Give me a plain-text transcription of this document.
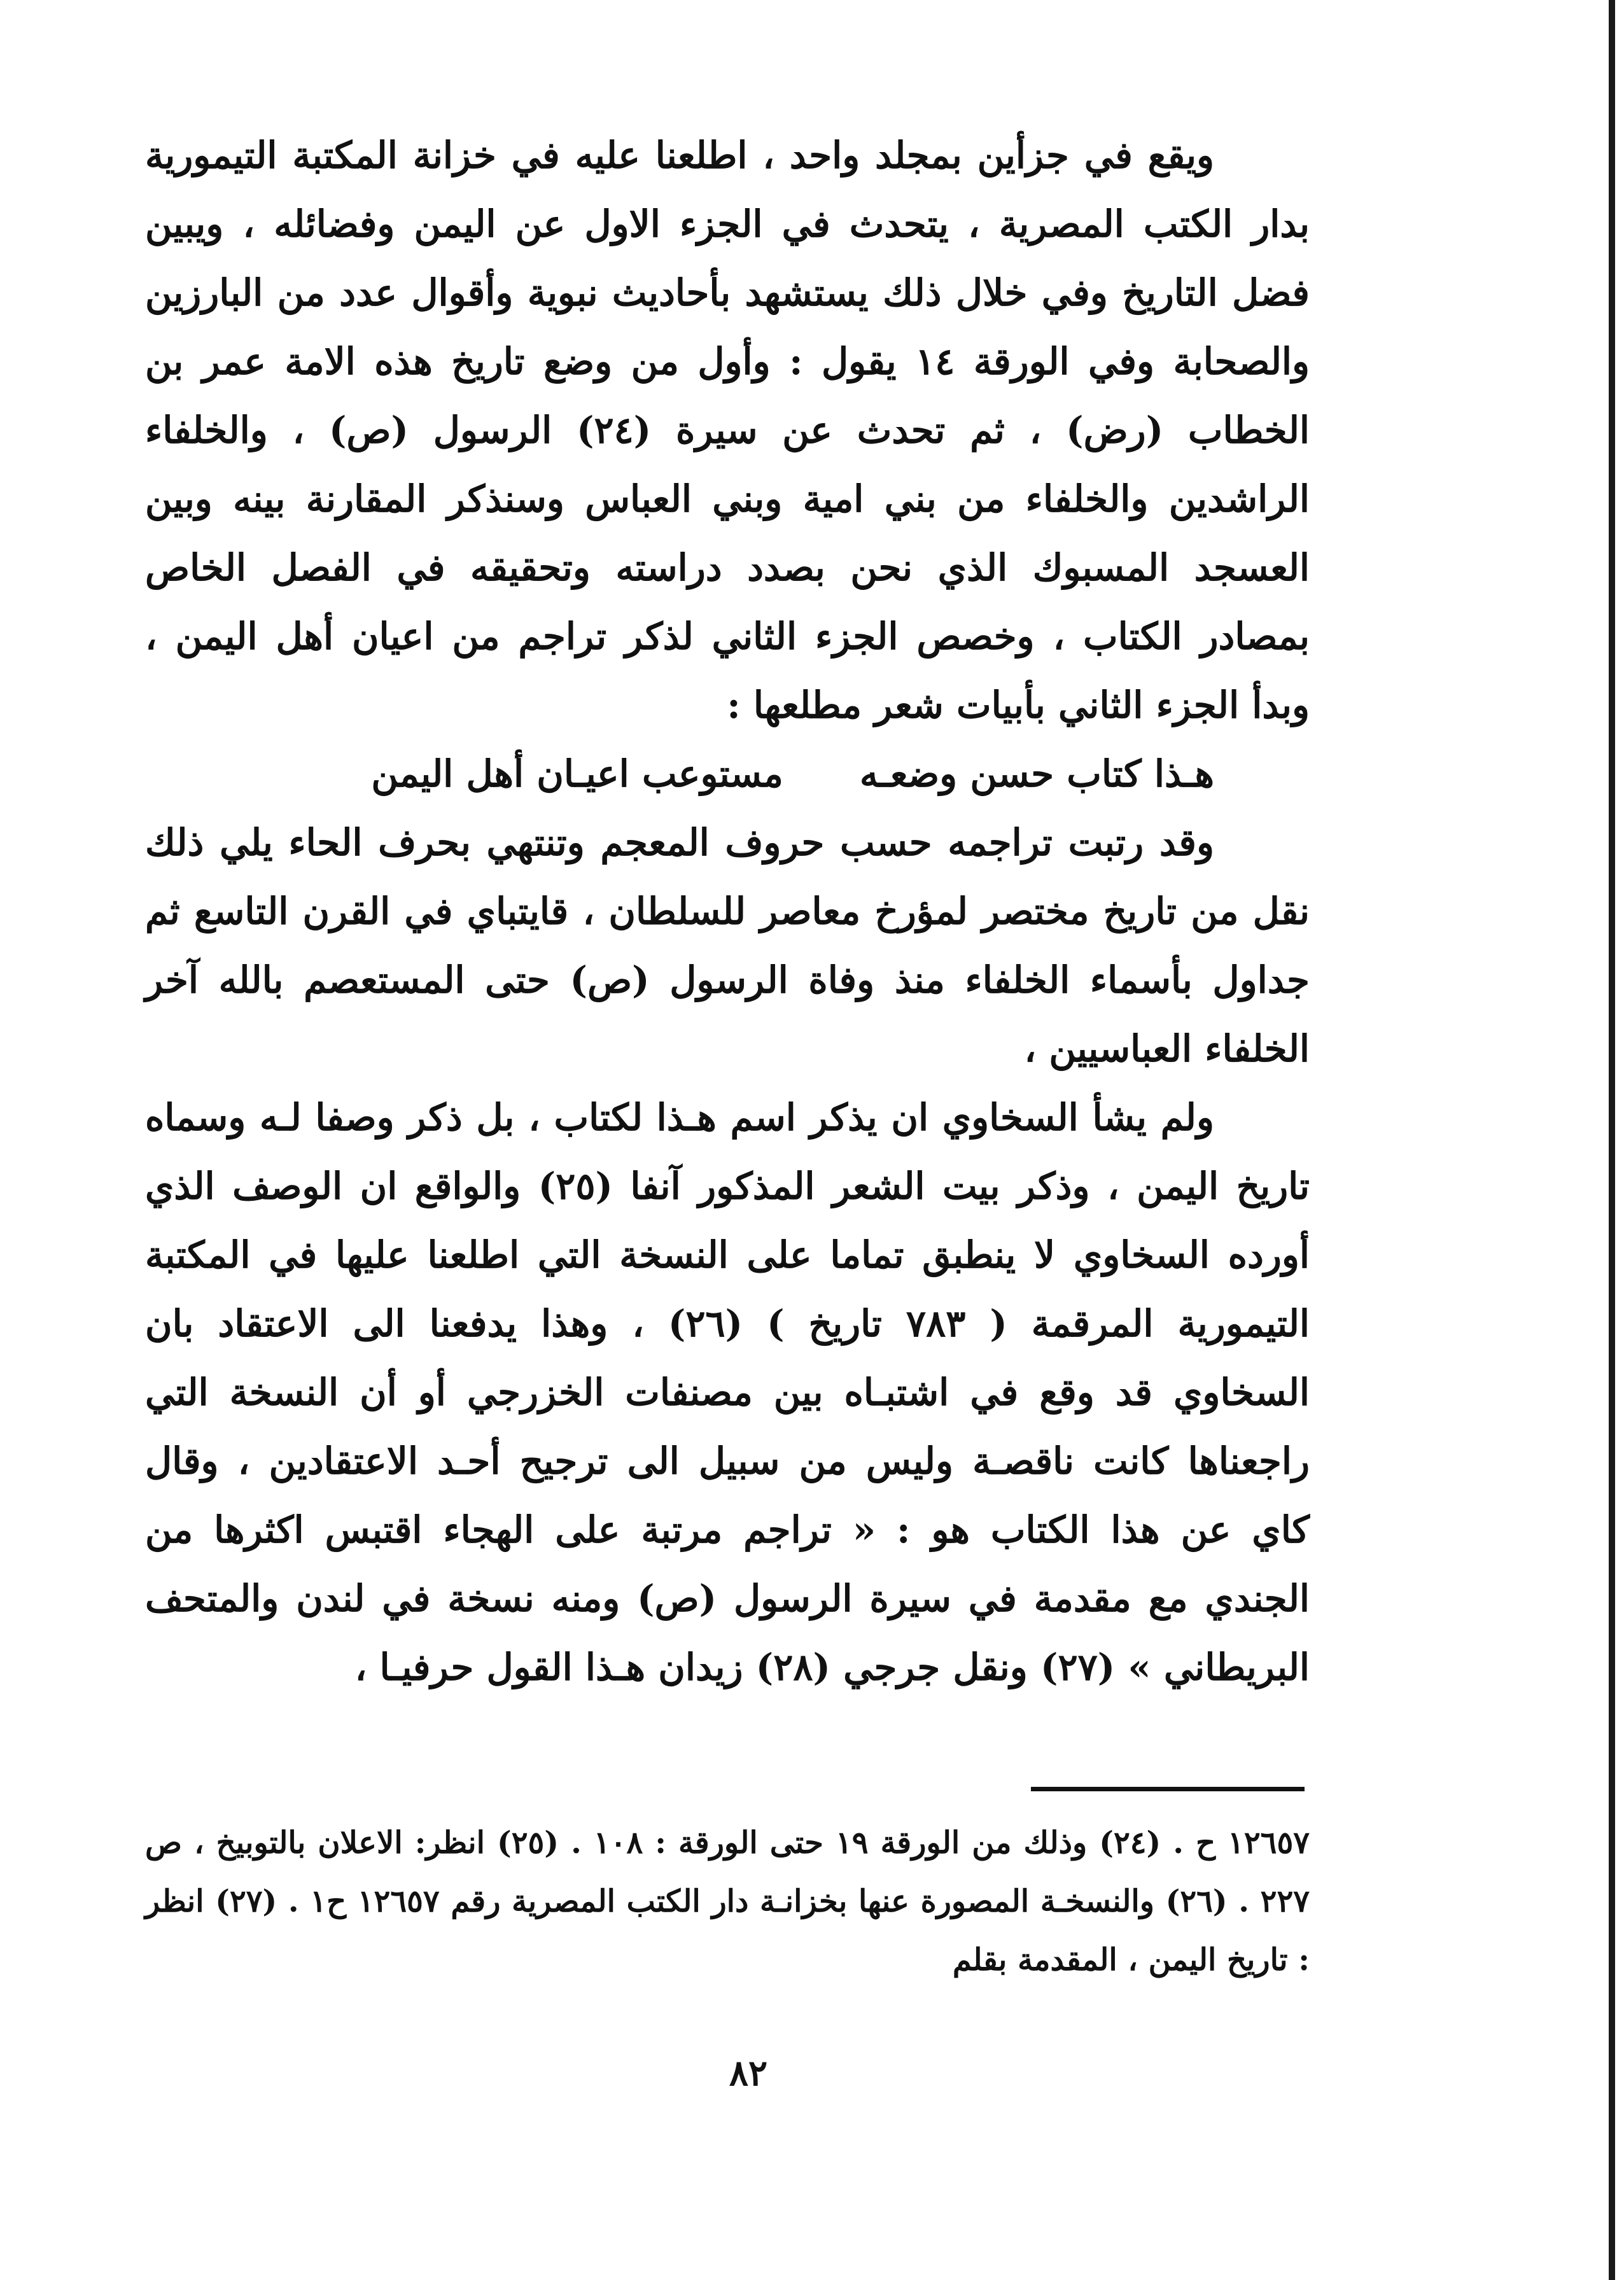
ويقع في جزأين بمجلد واحد ، اطلعنا عليه في خزانة المكتبة التيمورية بدار الكتب المصرية ، يتحدث في الجزء الاول عن اليمن وفضائله ، ويبين فضل التاريخ وفي خلال ذلك يستشهد بأحاديث نبوية وأقوال عدد من البارزين والصحابة وفي الورقة ١٤ يقول : وأول من وضع تاريخ هذه الامة عمر بن الخطاب (رض) ، ثم تحدث عن سيرة (٢٤) الرسول (ص) ، والخلفاء الراشدين والخلفاء من بني امية وبني العباس وسنذكر المقارنة بينه وبين العسجد المسبوك الذي نحن بصدد دراسته وتحقيقه في الفصل الخاص بمصادر الكتاب ، وخصص الجزء الثاني لذكر تراجم من اعيان أهل اليمن ، وبدأ الجزء الثاني بأبيات شعر مطلعها :

هـذا كتاب حسن وضعـه
مستوعب اعيـان أهل اليمن

وقد رتبت تراجمه حسب حروف المعجم وتنتهي بحرف الحاء يلي ذلك نقل من تاريخ مختصر لمؤرخ معاصر للسلطان ، قايتباي في القرن التاسع ثم جداول بأسماء الخلفاء منذ وفاة الرسول (ص) حتى المستعصم بالله آخر الخلفاء العباسيين ،

ولم يشأ السخاوي ان يذكر اسم هـذا لكتاب ، بل ذكر وصفا لـه وسماه تاريخ اليمن ، وذكر بيت الشعر المذكور آنفا (٢٥) والواقع ان الوصف الذي أورده السخاوي لا ينطبق تماما على النسخة التي اطلعنا عليها في المكتبة التيمورية المرقمة ( ٧٨٣ تاريخ ) (٢٦) ، وهذا يدفعنا الى الاعتقاد بان السخاوي قد وقع في اشتبـاه بين مصنفات الخزرجي أو أن النسخة التي راجعناها كانت ناقصـة وليس من سبيل الى ترجيح أحـد الاعتقادين ، وقال كاي عن هذا الكتاب هو : « تراجم مرتبة على الهجاء اقتبس اكثرها من الجندي مع مقدمة في سيرة الرسول (ص) ومنه نسخة في لندن والمتحف البريطاني » (٢٧) ونقل جرجي (٢٨) زيدان هـذا القول حرفيـا ،

١٢٦٥٧ ح . (٢٤) وذلك من الورقة ١٩ حتى الورقة : ١٠٨ . (٢٥) انظر: الاعلان بالتوبيخ ، ص ٢٢٧ . (٢٦) والنسخـة المصورة عنها بخزانـة دار الكتب المصرية رقم ١٢٦٥٧ ح١ . (٢٧) انظر : تاريخ اليمن ، المقدمة بقلم
٨٢
